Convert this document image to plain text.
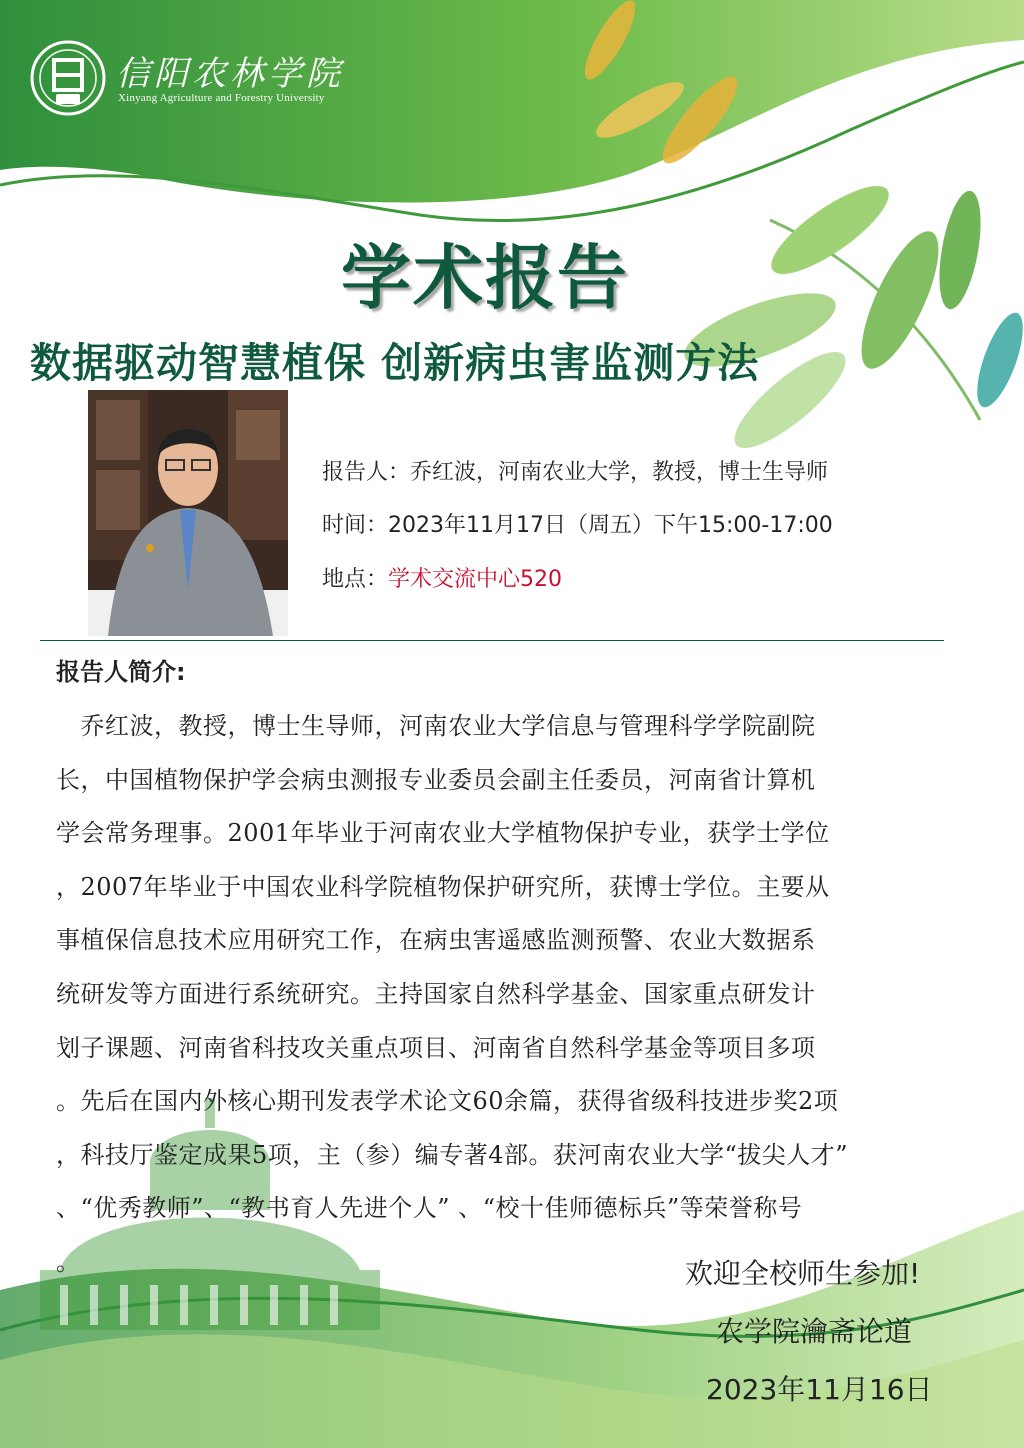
信阳农林学院
Xinyang Agriculture and Forestry University
学术报告
数据驱动智慧植保 创新病虫害监测方法
报告人：乔红波，河南农业大学，教授，博士生导师
时间：2023年11月17日（周五）下午15:00-17:00
地点：学术交流中心520
报告人简介:
　乔红波，教授，博士生导师，河南农业大学信息与管理科学学院副院
长，中国植物保护学会病虫测报专业委员会副主任委员，河南省计算机
学会常务理事。2001年毕业于河南农业大学植物保护专业，获学士学位
，2007年毕业于中国农业科学院植物保护研究所，获博士学位。主要从
事植保信息技术应用研究工作，在病虫害遥感监测预警、农业大数据系
统研发等方面进行系统研究。主持国家自然科学基金、国家重点研发计
划子课题、河南省科技攻关重点项目、河南省自然科学基金等项目多项
。先后在国内外核心期刊发表学术论文60余篇，获得省级科技进步奖2项
，科技厅鉴定成果5项，主（参）编专著4部。获河南农业大学“拔尖人才”
、“优秀教师”、“教书育人先进个人” 、“校十佳师德标兵”等荣誉称号
。	欢迎全校师生参加!
农学院瀹斋论道
2023年11月16日
